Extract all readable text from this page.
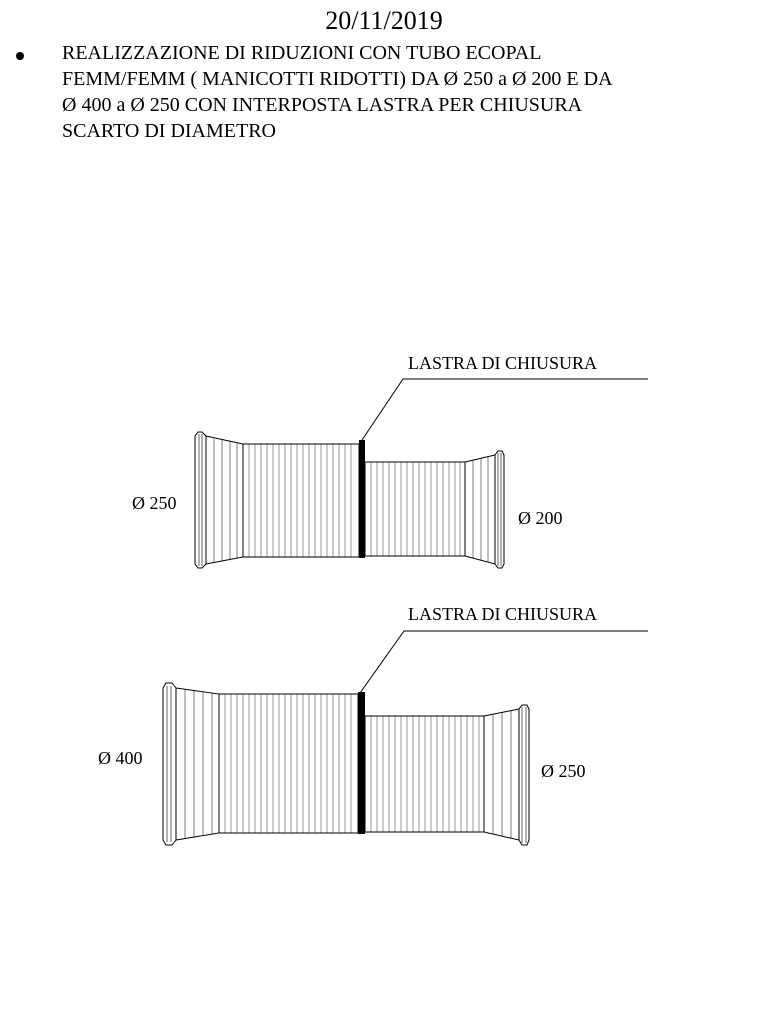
20/11/2019
REALIZZAZIONE DI RIDUZIONI CON TUBO ECOPAL
FEMM/FEMM ( MANICOTTI RIDOTTI) DA Ø 250 a Ø 200 E DA
Ø 400 a Ø 250 CON INTERPOSTA LASTRA PER CHIUSURA
SCARTO DI DIAMETRO
LASTRA DI CHIUSURA
Ø 250
Ø 200
LASTRA DI CHIUSURA
Ø 400
Ø 250
